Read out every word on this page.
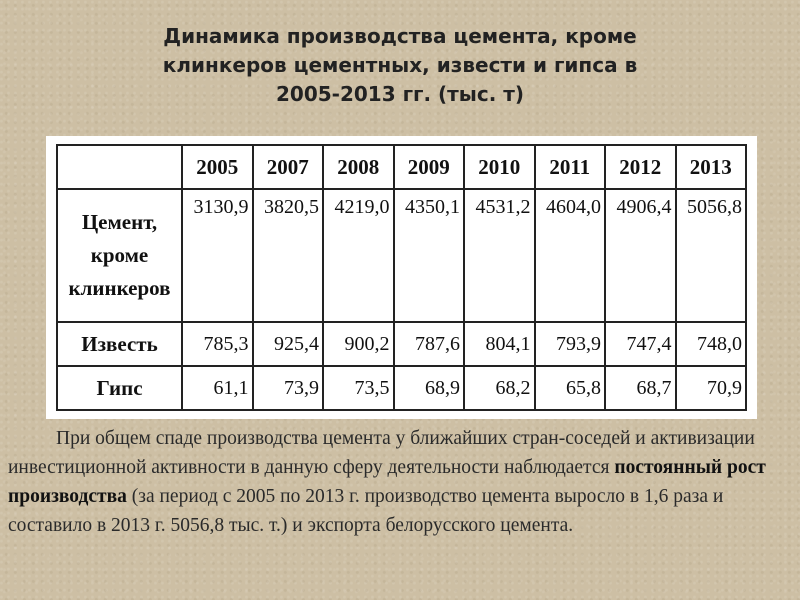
Динамика производства цемента, кроме
клинкеров цементных, извести и гипса в
2005-2013 гг. (тыс. т)
	2005	2007	2008	2009	2010	2011	2012	2013

Цемент,
кроме
клинкеров	3130,9	3820,5	4219,0	4350,1	4531,2	4604,0	4906,4	5056,8
Известь	785,3	925,4	900,2	787,6	804,1	793,9	747,4	748,0
Гипс	61,1	73,9	73,5	68,9	68,2	65,8	68,7	70,9
При общем спаде производства цемента у ближайших стран-соседей и активизации инвестиционной активности в данную сферу деятельности наблюдается постоянный рост производства (за период с 2005 по 2013 г. производство цемента выросло в 1,6 раза и составило в 2013 г. 5056,8 тыс. т.) и экспорта белорусского цемента.
